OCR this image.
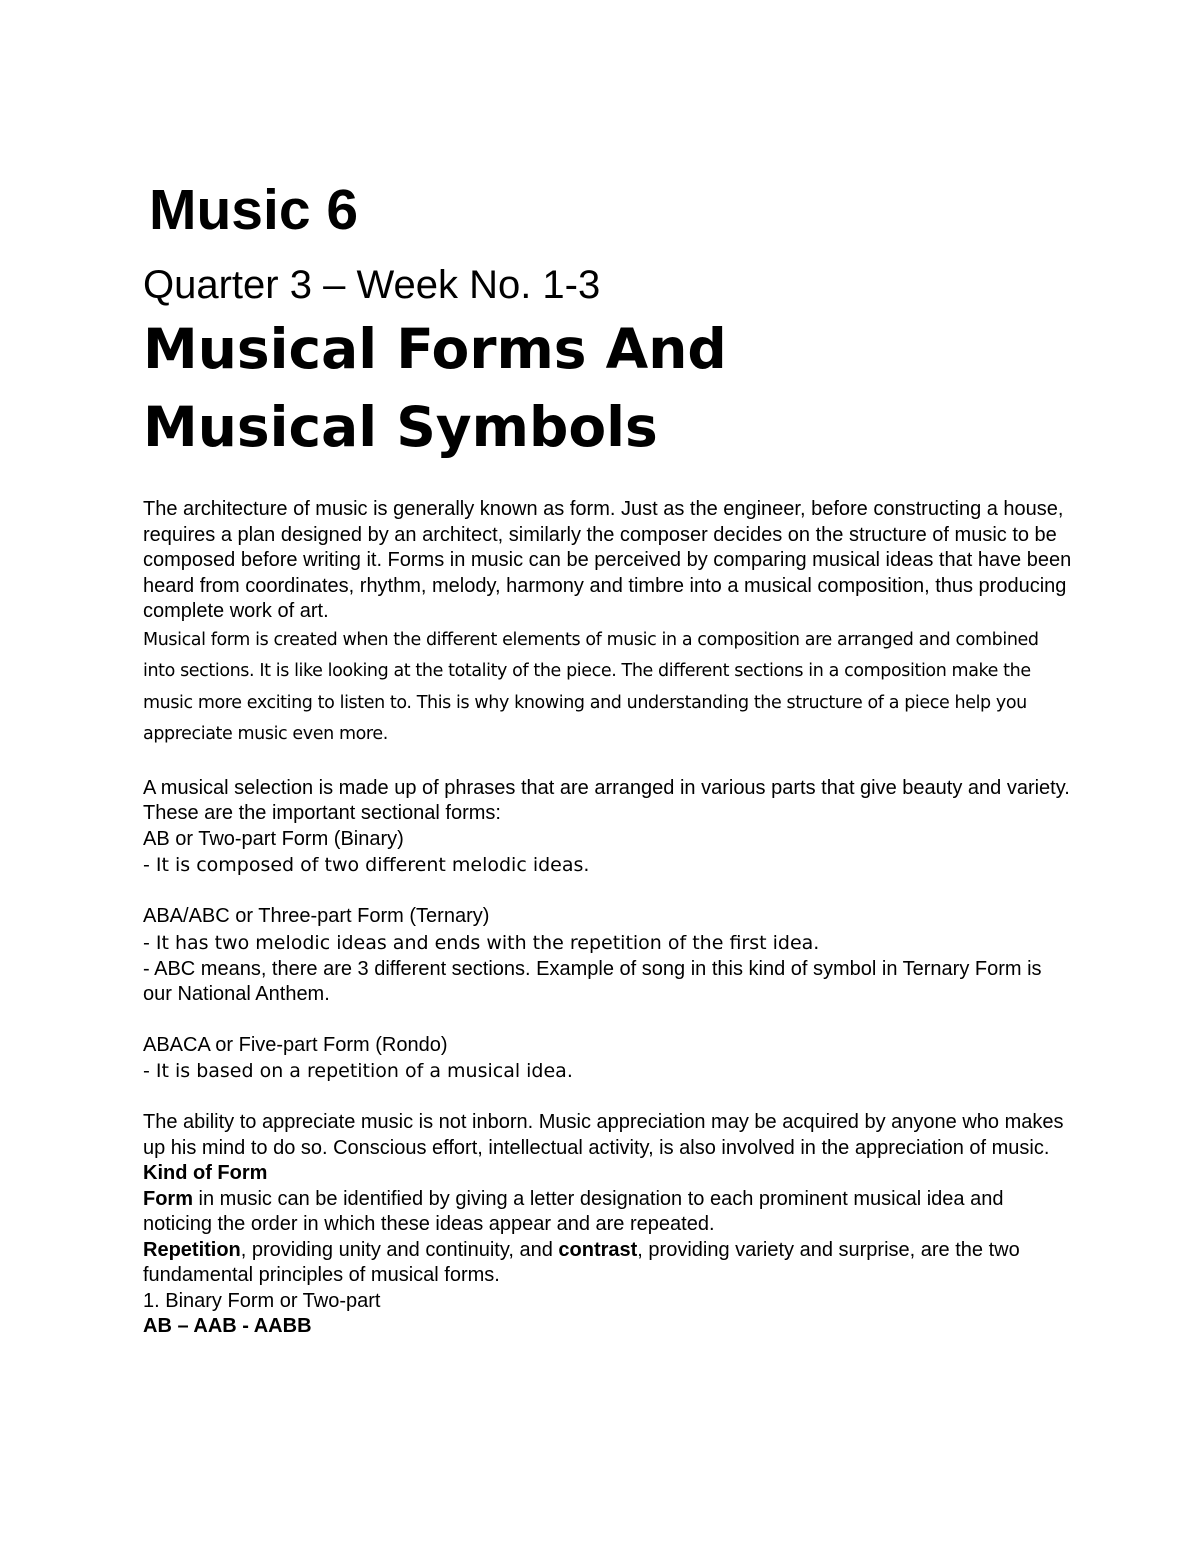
Music 6
Quarter 3 – Week No. 1-3
Musical Forms And
Musical Symbols

The architecture of music is generally known as form. Just as the engineer, before constructing a house, requires a plan designed by an architect, similarly the composer decides on the structure of music to be composed before writing it. Forms in music can be perceived by comparing musical ideas that have been heard from coordinates, rhythm, melody, harmony and timbre into a musical composition, thus producing complete work of art.

Musical form is created when the different elements of music in a composition are arranged and combined into sections. It is like looking at the totality of the piece. The different sections in a composition make the music more exciting to listen to. This is why knowing and understanding the structure of a piece help you appreciate music even more.

A musical selection is made up of phrases that are arranged in various parts that give beauty and variety. These are the important sectional forms:

AB or Two-part Form (Binary)

- It is composed of two different melodic ideas.

ABA/ABC or Three-part Form (Ternary)

- It has two melodic ideas and ends with the repetition of the first idea.

- ABC means, there are 3 different sections. Example of song in this kind of symbol in Ternary Form is our National Anthem.

ABACA or Five-part Form (Rondo)

- It is based on a repetition of a musical idea.

The ability to appreciate music is not inborn. Music appreciation may be acquired by anyone who makes up his mind to do so. Conscious effort, intellectual activity, is also involved in the appreciation of music.

Kind of Form

Form in music can be identified by giving a letter designation to each prominent musical idea and noticing the order in which these ideas appear and are repeated.

Repetition, providing unity and continuity, and contrast, providing variety and surprise, are the two fundamental principles of musical forms.

1. Binary Form or Two-part

AB – AAB - AABB
